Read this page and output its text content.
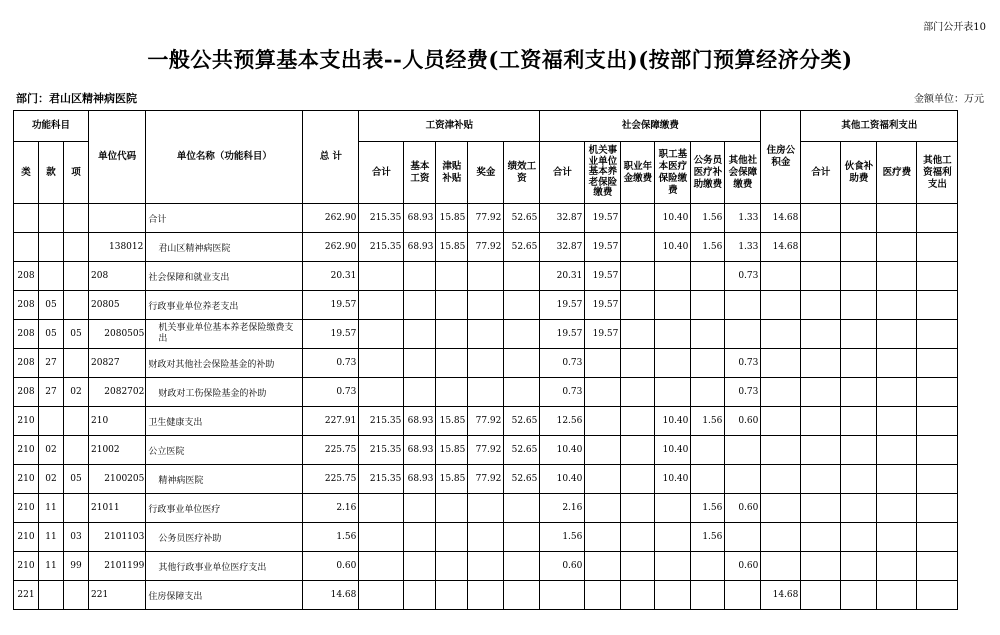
部门公开表10
一般公共预算基本支出表--人员经费(工资福利支出)(按部门预算经济分类)
部门：君山区精神病医院	金额单位：万元
功能科目			单位代码	单位名称（功能科目）	总 计	工资津补贴					社会保障缴费						住房公积金	其他工资福利支出			
类	款	项				合计	基本工资	津贴补贴	奖金	绩效工资	合计	机关事业单位基本养老保险缴费	职业年金缴费	职工基本医疗保险缴费	公务员医疗补助缴费	其他社会保障缴费		合计	伙食补助费	医疗费	其他工资福利支出
				合计	262.90	215.35	68.93	15.85	77.92	52.65	32.87	19.57		10.40	1.56	1.33	14.68				
			138012	君山区精神病医院	262.90	215.35	68.93	15.85	77.92	52.65	32.87	19.57		10.40	1.56	1.33	14.68				
208			208	社会保障和就业支出	20.31						20.31	19.57				0.73					
208	05		20805	行政事业单位养老支出	19.57						19.57	19.57									
208	05	05	2080505	机关事业单位基本养老保险缴费支出	19.57						19.57	19.57									
208	27		20827	财政对其他社会保险基金的补助	0.73						0.73					0.73					
208	27	02	2082702	财政对工伤保险基金的补助	0.73						0.73					0.73					
210			210	卫生健康支出	227.91	215.35	68.93	15.85	77.92	52.65	12.56			10.40	1.56	0.60					
210	02		21002	公立医院	225.75	215.35	68.93	15.85	77.92	52.65	10.40			10.40							
210	02	05	2100205	精神病医院	225.75	215.35	68.93	15.85	77.92	52.65	10.40			10.40							
210	11		21011	行政事业单位医疗	2.16						2.16				1.56	0.60					
210	11	03	2101103	公务员医疗补助	1.56						1.56				1.56						
210	11	99	2101199	其他行政事业单位医疗支出	0.60						0.60					0.60					
221			221	住房保障支出	14.68												14.68				
